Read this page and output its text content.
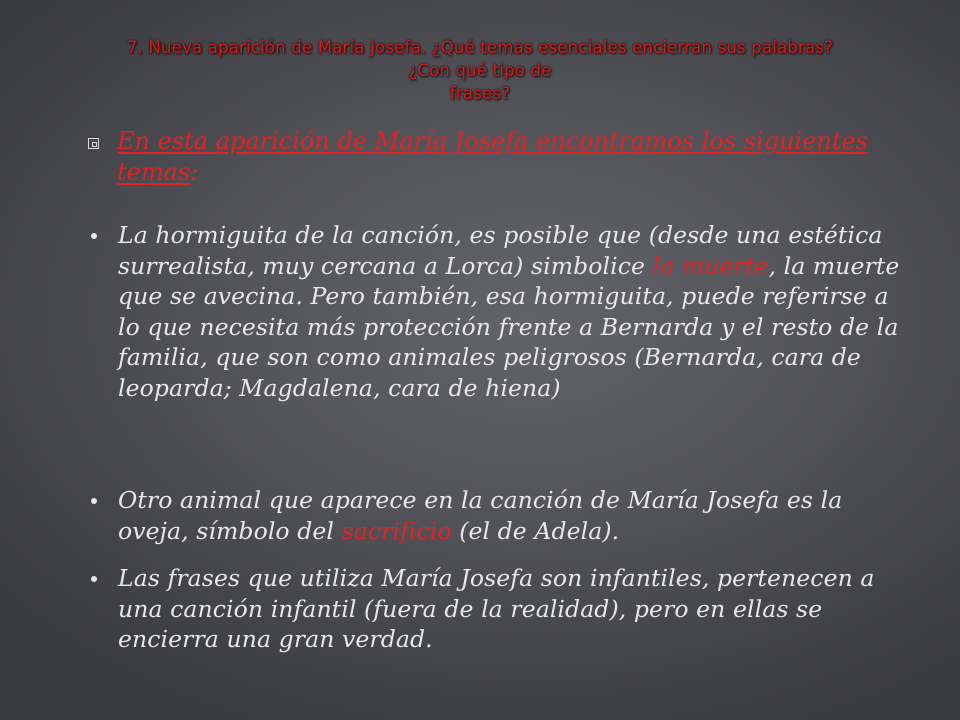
7. Nueva aparición de María Josefa. ¿Qué temas esenciales encierran sus palabras?
¿Con qué tipo de
frases?
En esta aparición de María Josefa encontramos los siguientes temas:
La hormiguita de la canción, es posible que (desde una estética surrealista, muy cercana a Lorca) simbolice la muerte, la muerte que se avecina. Pero también, esa hormiguita, puede referirse a lo que necesita más protección frente a Bernarda y el resto de la familia, que son como animales peligrosos (Bernarda, cara de leoparda; Magdalena, cara de hiena)
Otro animal que aparece en la canción de María Josefa es la oveja, símbolo del sacrificio (el de Adela).
Las frases que utiliza María Josefa son infantiles, pertenecen a una canción infantil (fuera de la realidad), pero en ellas se encierra una gran verdad.
